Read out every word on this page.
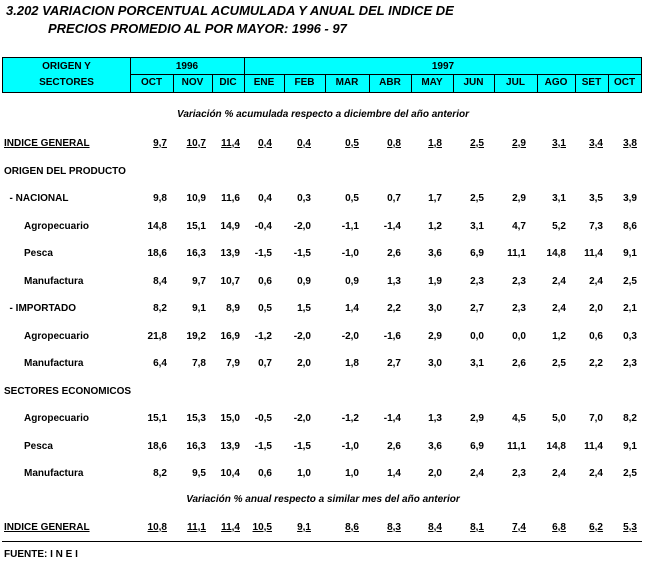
3.202 VARIACION PORCENTUAL ACUMULADA Y ANUAL DEL INDICE DE
PRECIOS PROMEDIO AL POR MAYOR: 1996 - 97
ORIGEN Y
SECTORES
1996	1997
OCT	NOV	DIC	ENE	FEB	MAR	ABR	MAY	JUN	JUL	AGO	SET	OCT
Variación % acumulada respecto a diciembre del año anterior
Variación % anual respecto a similar mes del año anterior
INDICE GENERAL	9,7	10,7	11,4	0,4	0,4	0,5	0,8	1,8	2,5	2,9	3,1	3,4	3,8
ORIGEN DEL PRODUCTO
- NACIONAL	9,8	10,9	11,6	0,4	0,3	0,5	0,7	1,7	2,5	2,9	3,1	3,5	3,9
Agropecuario	14,8	15,1	14,9	-0,4	-2,0	-1,1	-1,4	1,2	3,1	4,7	5,2	7,3	8,6
Pesca	18,6	16,3	13,9	-1,5	-1,5	-1,0	2,6	3,6	6,9	11,1	14,8	11,4	9,1
Manufactura	8,4	9,7	10,7	0,6	0,9	0,9	1,3	1,9	2,3	2,3	2,4	2,4	2,5
- IMPORTADO	8,2	9,1	8,9	0,5	1,5	1,4	2,2	3,0	2,7	2,3	2,4	2,0	2,1
Agropecuario	21,8	19,2	16,9	-1,2	-2,0	-2,0	-1,6	2,9	0,0	0,0	1,2	0,6	0,3
Manufactura	6,4	7,8	7,9	0,7	2,0	1,8	2,7	3,0	3,1	2,6	2,5	2,2	2,3
SECTORES ECONOMICOS
Agropecuario	15,1	15,3	15,0	-0,5	-2,0	-1,2	-1,4	1,3	2,9	4,5	5,0	7,0	8,2
Pesca	18,6	16,3	13,9	-1,5	-1,5	-1,0	2,6	3,6	6,9	11,1	14,8	11,4	9,1
Manufactura	8,2	9,5	10,4	0,6	1,0	1,0	1,4	2,0	2,4	2,3	2,4	2,4	2,5
INDICE GENERAL	10,8	11,1	11,4	10,5	9,1	8,6	8,3	8,4	8,1	7,4	6,8	6,2	5,3
FUENTE: I N E I
